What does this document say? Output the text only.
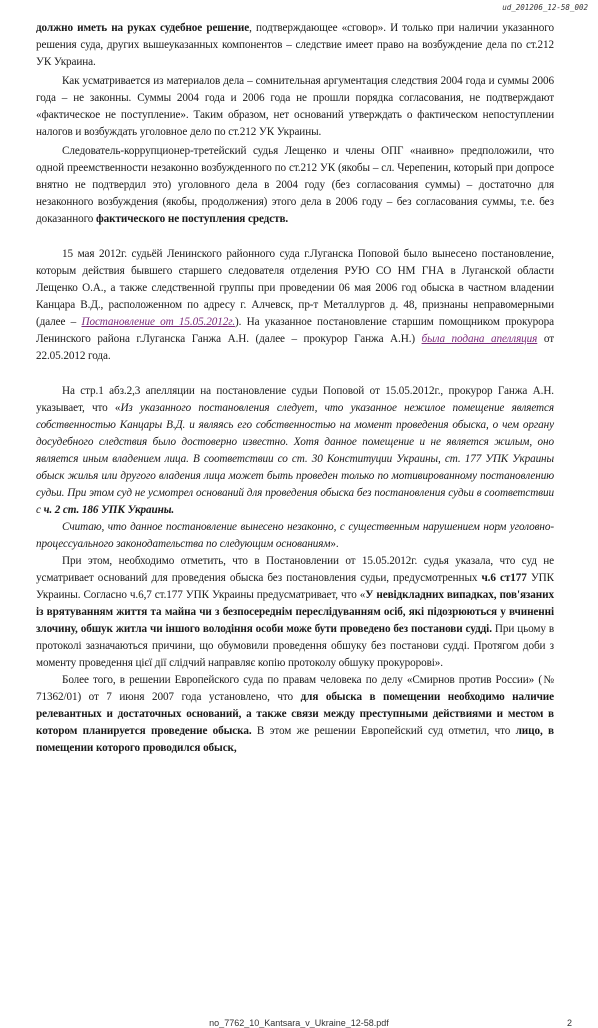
ud_201206_12-58_002

должно иметь на руках судебное решение, подтверждающее «сговор». И только при наличии указанного решения суда, других вышеуказанных компонентов – следствие имеет право на возбуждение дела по ст.212 УК Украина.

Как усматривается из материалов дела – сомнительная аргументация следствия 2004 года и суммы 2006 года – не законны. Суммы 2004 года и 2006 года не прошли порядка согласования, не подтверждают «фактическое не поступление». Таким образом, нет оснований утверждать о фактическом непоступлении налогов и возбуждать уголовное дело по ст.212 УК Украины.

Следователь-коррупционер-третейский судья Лещенко и члены ОПГ «наивно» предположили, что одной преемственности незаконно возбужденного по ст.212 УК (якобы – сл. Черепенин, который при допросе внятно не подтвердил это) уголовного дела в 2004 году (без согласования суммы) – достаточно для незаконного возбуждения (якобы, продолжения) этого дела в 2006 году – без согласования суммы, т.е. без доказанного фактического не поступления средств.

15 мая 2012г. судьёй Ленинского районного суда г.Луганска Поповой было вынесено постановление, которым действия бывшего старшего следователя отделения РУЮ СО НМ ГНА в Луганской области Лещенко О.А., а также следственной группы при проведении 06 мая 2006 год обыска в частном владении Канцара В.Д., расположенном по адресу г. Алчевск, пр-т Металлургов д. 48, признаны неправомерными (далее – Постановление от 15.05.2012г.). На указанное постановление старшим помощником прокурора Ленинского района г.Луганска Ганжа А.Н. (далее – прокурор Ганжа А.Н.) была подана апелляция от 22.05.2012 года.

На стр.1 абз.2,3 апелляции на постановление судьи Поповой от 15.05.2012г., прокурор Ганжа А.Н. указывает, что «Из указанного постановления следует, что указанное нежилое помещение является собственностью Канцары В.Д. и являясь его собственностью на момент проведения обыска, о чем органу досудебного следствия было достоверно известно. Хотя данное помещение и не является жилым, оно является иным владением лица. В соответствии со ст. 30 Конституции Украины, ст. 177 УПК Украины обыск жилья или другого владения лица может быть проведен только по мотивированному постановлению судьи. При этом суд не усмотрел оснований для проведения обыска без постановления судьи в соответствии с ч. 2 ст. 186 УПК Украины.

Считаю, что данное постановление вынесено незаконно, с существенным нарушением норм уголовно-процессуального законодательства по следующим основаниям».

При этом, необходимо отметить, что в Постановлении от 15.05.2012г. судья указала, что суд не усматривает оснований для проведения обыска без постановления судьи, предусмотренных ч.6 ст177 УПК Украины. Согласно ч.6,7 ст.177 УПК Украины предусматривает, что «У невідкладних випадках, пов'язаних із врятуванням життя та майна чи з безпосереднім переслідуванням осіб, які підозрюються у вчиненні злочину, обшук житла чи іншого володіння особи може бути проведено без постанови судді. При цьому в протоколі зазначаються причини, що обумовили проведення обшуку без постанови судді. Протягом доби з моменту проведення цієї дії слідчий направляє копію протоколу обшуку прокуророві».

Более того, в решении Европейского суда по правам человека по делу «Смирнов против России» (№ 71362/01) от 7 июня 2007 года установлено, что для обыска в помещении необходимо наличие релевантных и достаточных оснований, а также связи между преступными действиями и местом в котором планируется проведение обыска. В этом же решении Европейский суд отметил, что лицо, в помещении которого проводился обыск,

no_7762_10_Kantsara_v_Ukraine_12-58.pdf	2
